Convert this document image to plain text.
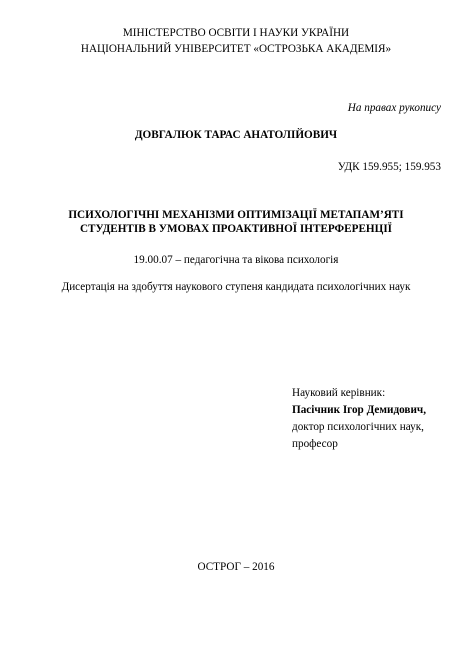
МІНІСТЕРСТВО ОСВІТИ І НАУКИ УКРАЇНИ
НАЦІОНАЛЬНИЙ УНІВЕРСИТЕТ «ОСТРОЗЬКА АКАДЕМІЯ»
На правах рукопису
ДОВГАЛЮК ТАРАС АНАТОЛІЙОВИЧ
УДК 159.955; 159.953
ПСИХОЛОГІЧНІ МЕХАНІЗМИ ОПТИМІЗАЦІЇ МЕТАПАМ’ЯТІ
СТУДЕНТІВ В УМОВАХ ПРОАКТИВНОЇ ІНТЕРФЕРЕНЦІЇ
19.00.07 – педагогічна та вікова психологія
Дисертація на здобуття наукового ступеня кандидата психологічних наук
Науковий керівник:
Пасічник Ігор Демидович,
доктор психологічних наук,
професор
ОСТРОГ – 2016
